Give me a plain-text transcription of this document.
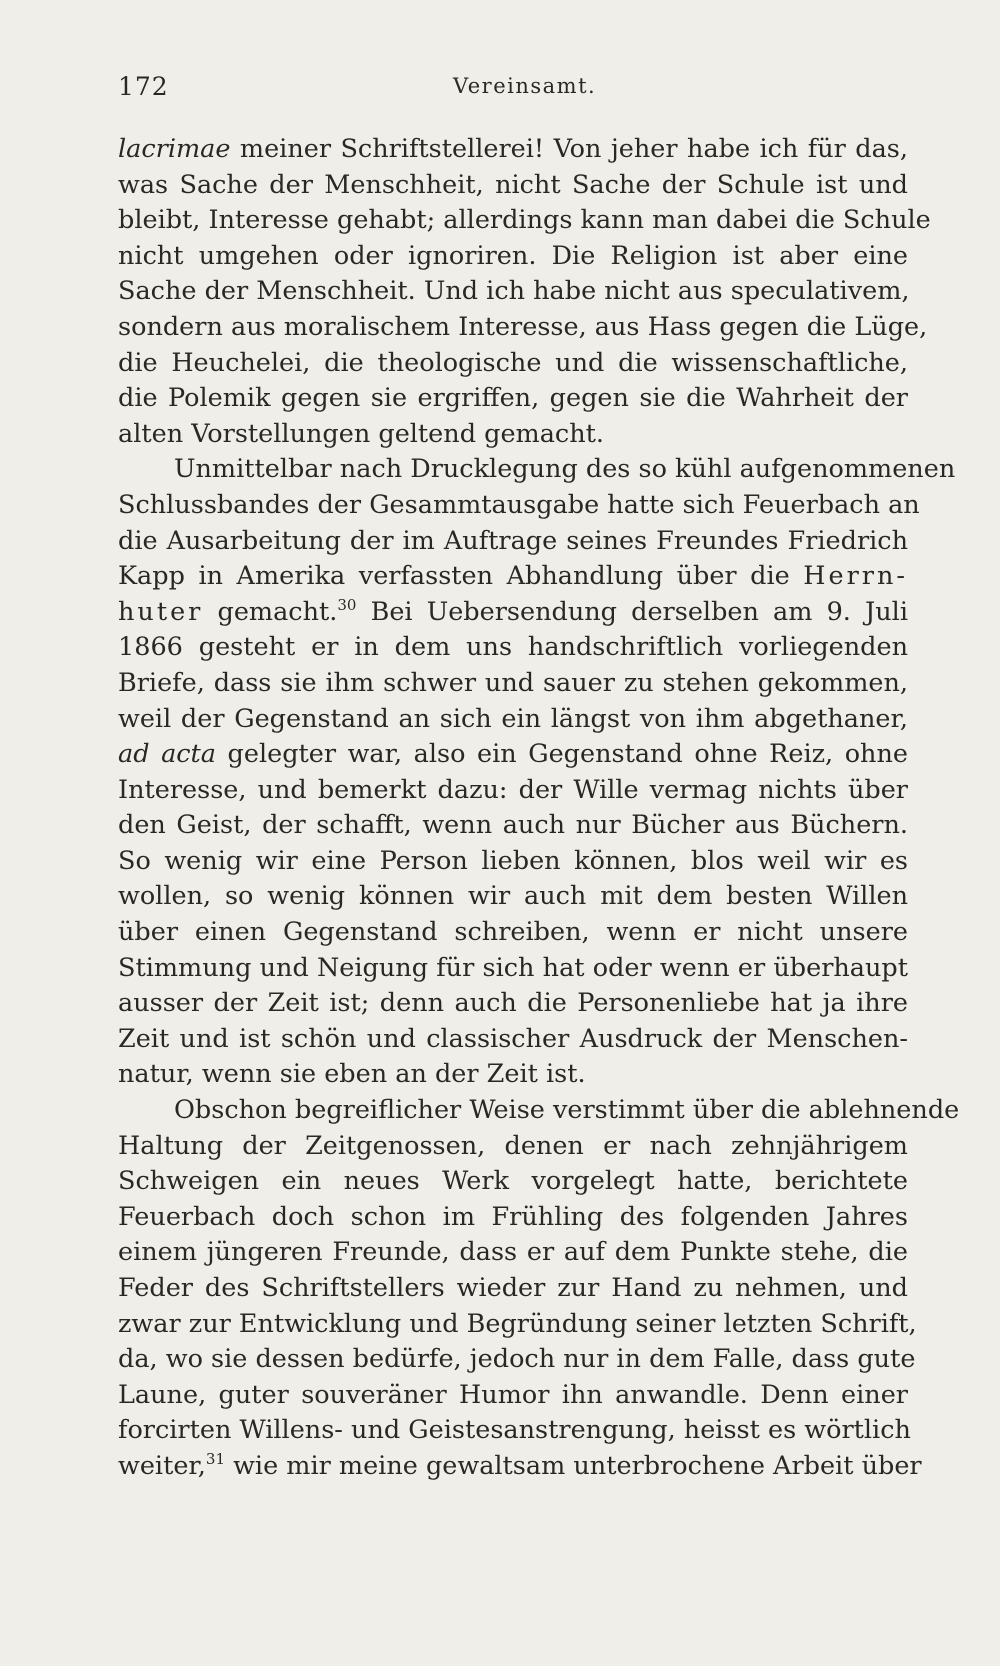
172	Vereinsamt.
lacrimae meiner Schriftstellerei! Von jeher habe ich für das,
was Sache der Menschheit, nicht Sache der Schule ist und
bleibt, Interesse gehabt; allerdings kann man dabei die Schule
nicht umgehen oder ignoriren. Die Religion ist aber eine
Sache der Menschheit. Und ich habe nicht aus speculativem,
sondern aus moralischem Interesse, aus Hass gegen die Lüge,
die Heuchelei, die theologische und die wissenschaftliche,
die Polemik gegen sie ergriffen, gegen sie die Wahrheit der
alten Vorstellungen geltend gemacht.
Unmittelbar nach Drucklegung des so kühl aufgenommenen
Schlussbandes der Gesammtausgabe hatte sich Feuerbach an
die Ausarbeitung der im Auftrage seines Freundes Friedrich
Kapp in Amerika verfassten Abhandlung über die Herrn-
huter gemacht.$^{30}$ Bei Uebersendung derselben am 9. Juli
1866 gesteht er in dem uns handschriftlich vorliegenden
Briefe, dass sie ihm schwer und sauer zu stehen gekommen,
weil der Gegenstand an sich ein längst von ihm abgethaner,
ad acta gelegter war, also ein Gegenstand ohne Reiz, ohne
Interesse, und bemerkt dazu: der Wille vermag nichts über
den Geist, der schafft, wenn auch nur Bücher aus Büchern.
So wenig wir eine Person lieben können, blos weil wir es
wollen, so wenig können wir auch mit dem besten Willen
über einen Gegenstand schreiben, wenn er nicht unsere
Stimmung und Neigung für sich hat oder wenn er überhaupt
ausser der Zeit ist; denn auch die Personenliebe hat ja ihre
Zeit und ist schön und classischer Ausdruck der Menschen-
natur, wenn sie eben an der Zeit ist.
Obschon begreiflicher Weise verstimmt über die ablehnende
Haltung der Zeitgenossen, denen er nach zehnjährigem
Schweigen ein neues Werk vorgelegt hatte, berichtete
Feuerbach doch schon im Frühling des folgenden Jahres
einem jüngeren Freunde, dass er auf dem Punkte stehe, die
Feder des Schriftstellers wieder zur Hand zu nehmen, und
zwar zur Entwicklung und Begründung seiner letzten Schrift,
da, wo sie dessen bedürfe, jedoch nur in dem Falle, dass gute
Laune, guter souveräner Humor ihn anwandle. Denn einer
forcirten Willens- und Geistesanstrengung, heisst es wörtlich
weiter,$^{31}$ wie mir meine gewaltsam unterbrochene Arbeit über
